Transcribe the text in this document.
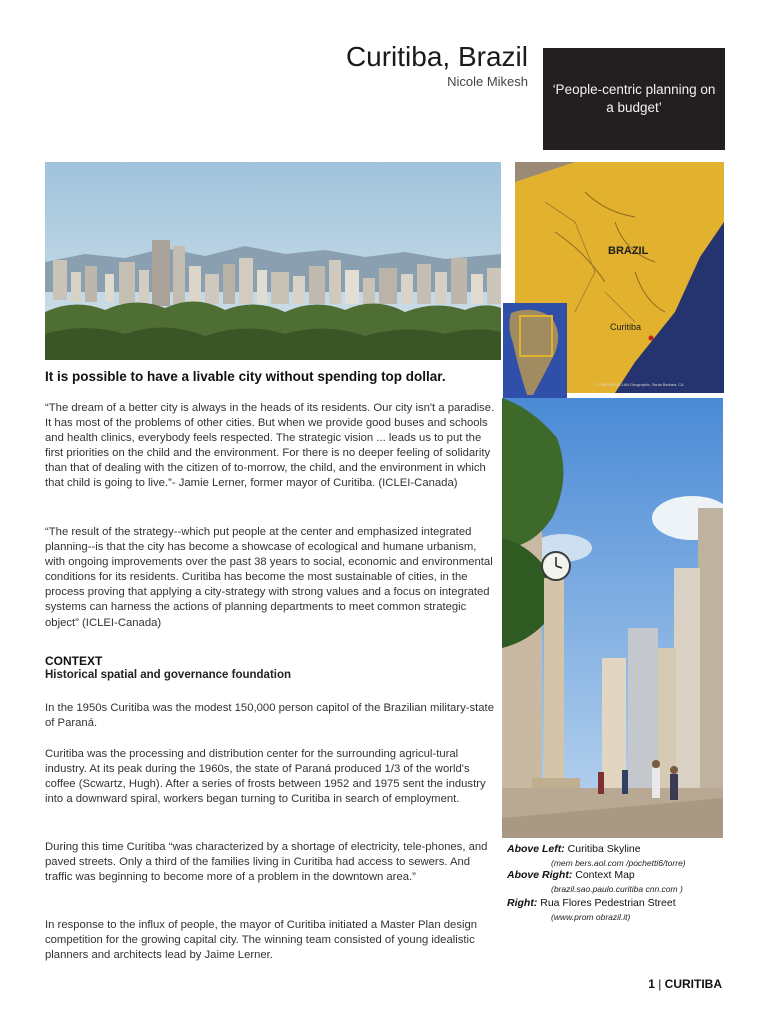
Curitiba, Brazil
Nicole Mikesh
‘People-centric planning on a budget’
BRAZIL
Curitiba
© 1999 MAGELLAN Geographix, Santa Barbara, CA
It is possible to have a livable city without spending top dollar.

“The dream of a better city is always in the heads of its residents. Our city isn't a paradise. It has most of the problems of other cities. But when we provide good buses and schools and health clinics, everybody feels respected. The strategic vision ... leads us to put the first priorities on the child and the environment. For there is no deeper feeling of solidarity than that of dealing with the citizen of to-morrow, the child, and the environment in which that child is going to live.”- Jamie Lerner, former mayor of Curitiba. (ICLEI-Canada)

“The result of the strategy--which put people at the center and emphasized integrated planning--is that the city has become a showcase of ecological and humane urbanism, with ongoing improvements over the past 38 years to social, economic and environmental conditions for its residents. Curitiba has become the most sustainable of cities, in the process proving that applying a city-strategy with strong values and a focus on integrated systems can harness the actions of planning departments to meet common strategic object” (ICLEI-Canada)

CONTEXT
Historical spatial and governance foundation

In the 1950s Curitiba was the modest 150,000 person capitol of the Brazilian military-state of Paraná.

Curitiba was the processing and distribution center for the surrounding agricul-tural industry. At its peak during the 1960s, the state of Paraná produced 1/3 of the world's coffee (Scwartz, Hugh). After a series of frosts between 1952 and 1975 sent the industry into a downward spiral, workers began turning to Curitiba in search of employment.

During this time Curitiba “was characterized by a shortage of electricity, tele-phones, and paved streets. Only a third of the families living in Curitiba had access to sewers. And traffic was beginning to become more of a problem in the downtown area.”

In response to the influx of people, the mayor of Curitiba initiated a Master Plan design competition for the growing capital city. The winning team consisted of young idealistic planners and architects lead by Jaime Lerner.

Above Left: Curitiba Skyline
(mem bers.aol.com /pochetti6/torre)
Above Right: Context Map
(brazil.sao.paulo.curitiba cnn.com )
Right: Rua Flores Pedestrian Street
(www.prom obrazil.it)
1 | CURITIBA
